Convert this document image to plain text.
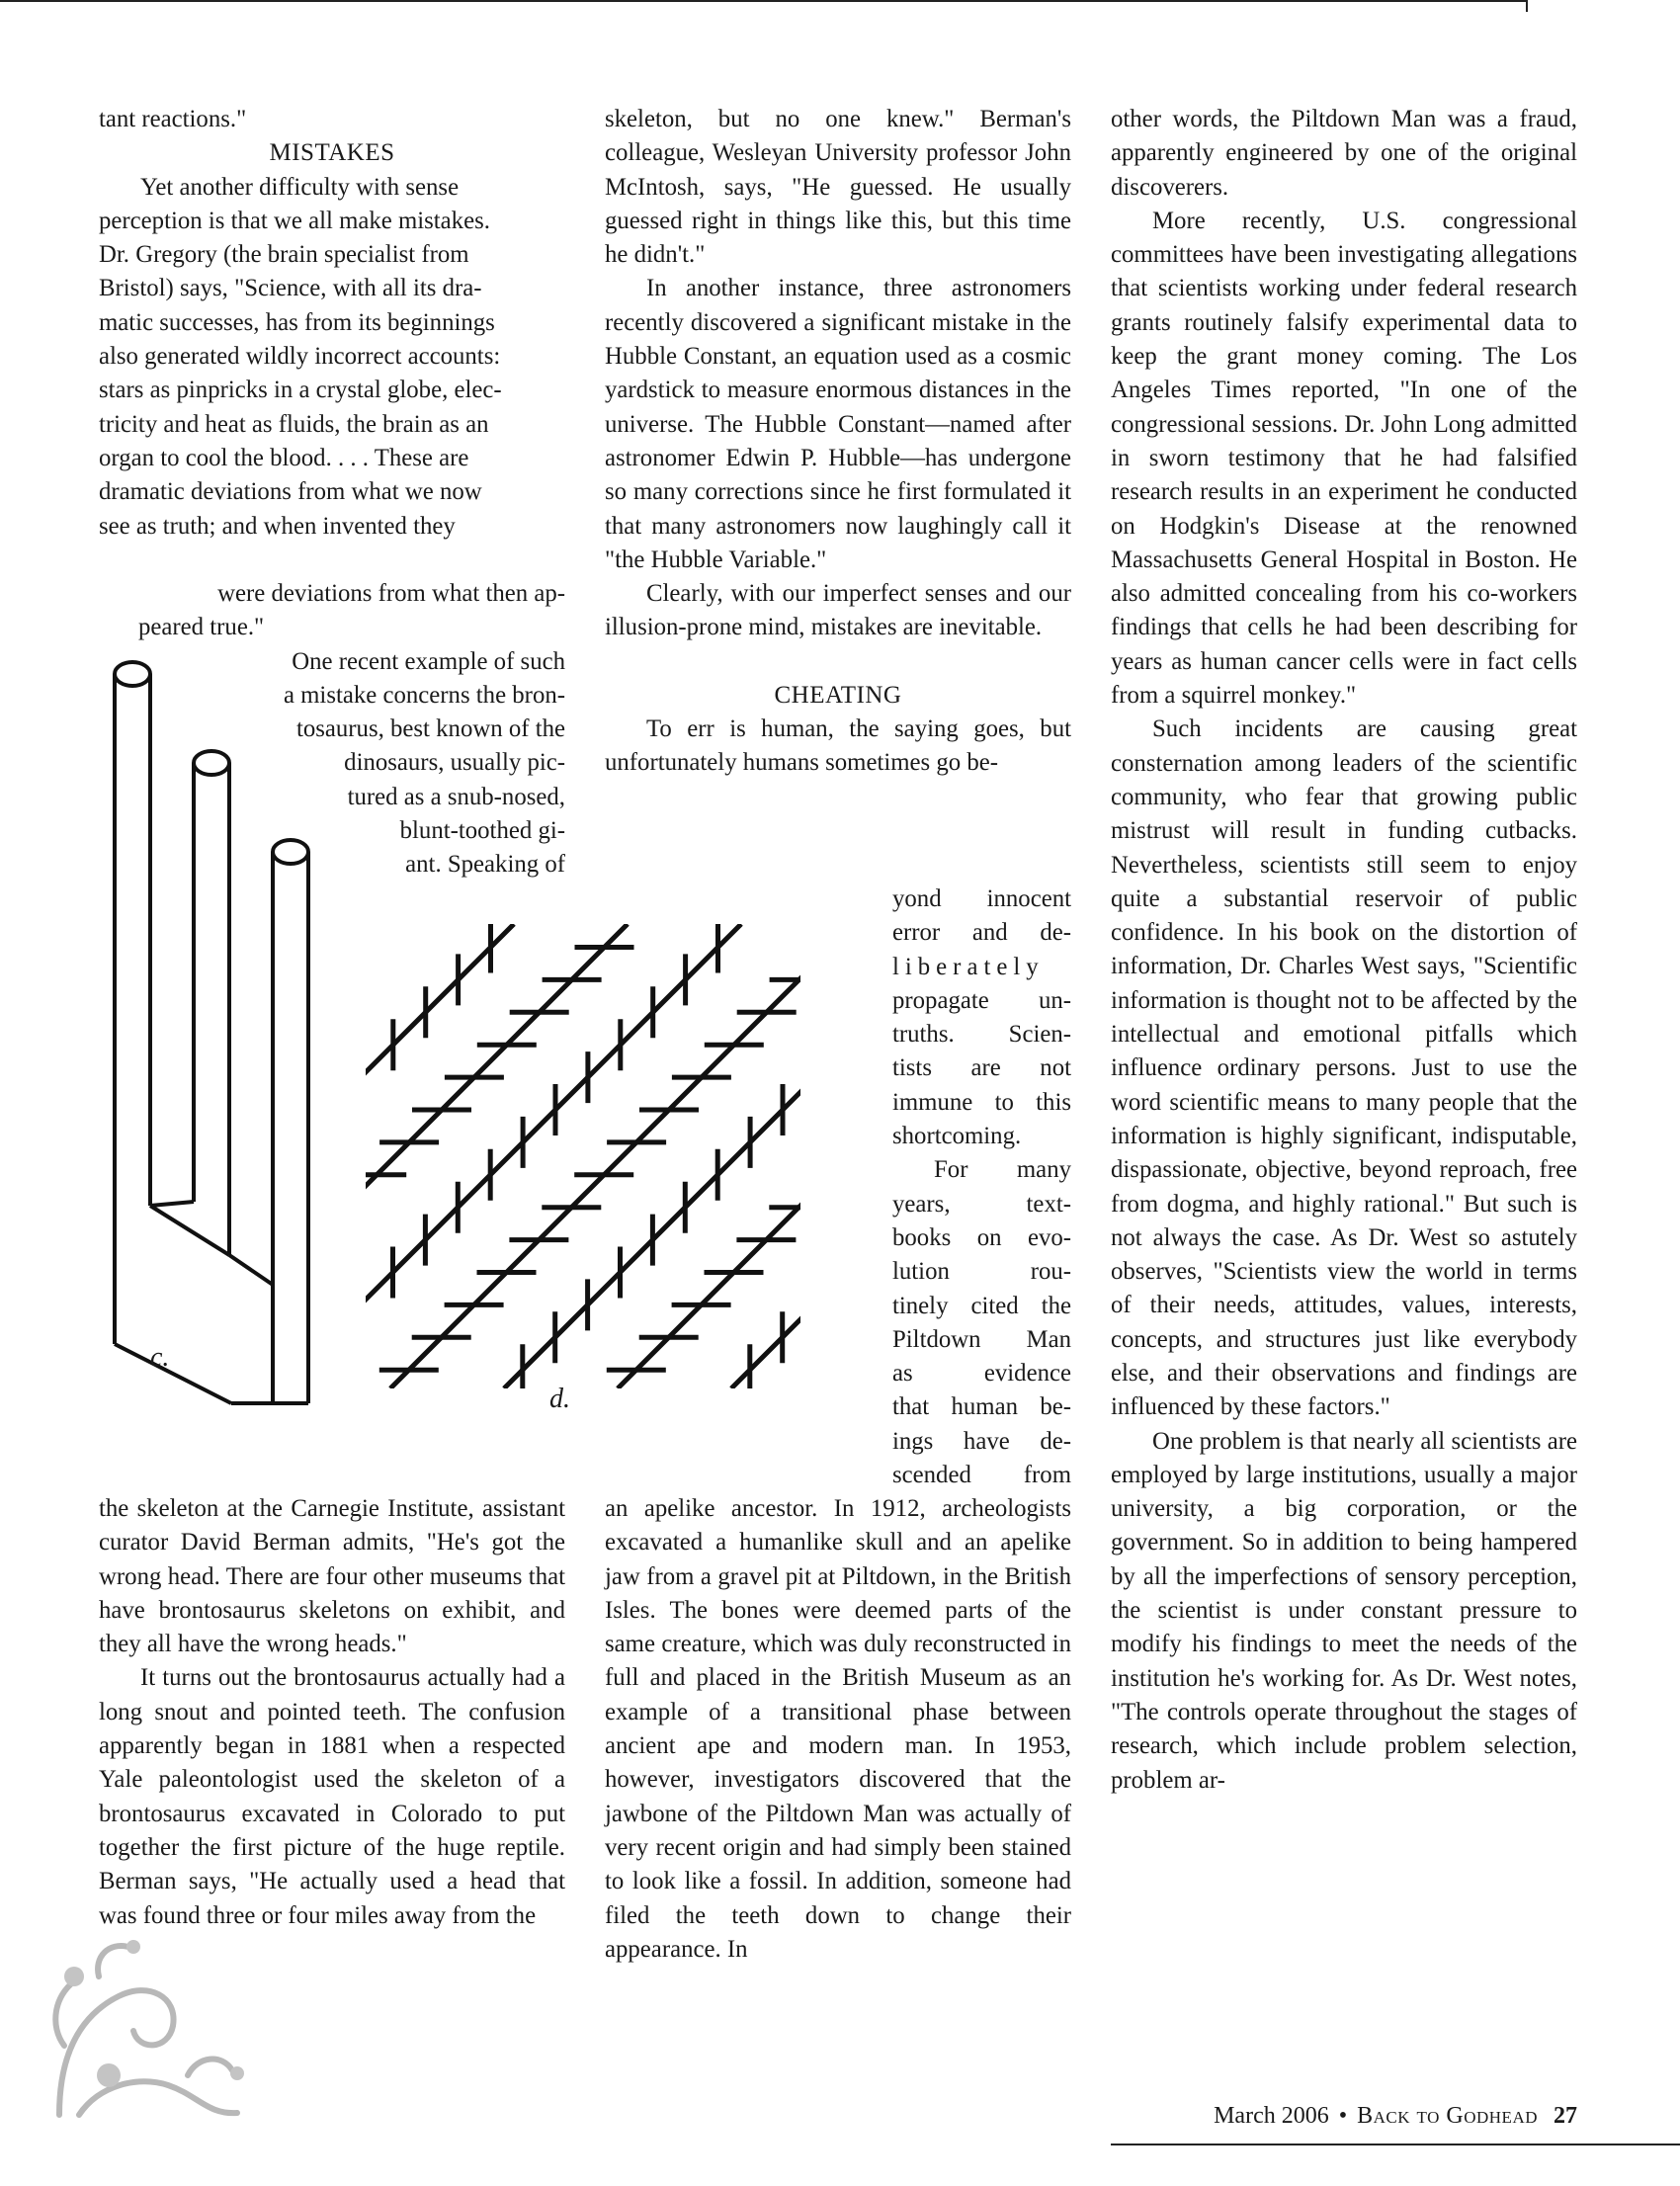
tant reactions."

MISTAKES
Yet another difficulty with sense
perception is that we all make mistakes.
Dr. Gregory (the brain specialist from
Bristol) says, "Science, with all its dra-
matic successes, has from its beginnings
also generated wildly incorrect accounts:
stars as pinpricks in a crystal globe, elec-
tricity and heat as fluids, the brain as an
organ to cool the blood. . . . These are
dramatic deviations from what we now
see as truth; and when invented they
were deviations from what then ap-
peared true."
One recent example of such
a mistake concerns the bron-
tosaurus, best known of the
dinosaurs, usually pic-
tured as a snub-nosed,
blunt-toothed gi-
ant. Speaking of
c.
d.
the skeleton at the Carnegie Institute, assistant curator David Berman admits, "He's got the wrong head. There are four other museums that have brontosaurus skeletons on exhibit, and they all have the wrong heads."
It turns out the brontosaurus actually had a long snout and pointed teeth. The confusion apparently began in 1881 when a respected Yale paleontologist used the skeleton of a brontosaurus excavated in Colorado to put together the first picture of the huge reptile. Berman says, "He actually used a head that was found three or four miles away from the

skeleton, but no one knew." Berman's colleague, Wesleyan University professor John McIntosh, says, "He guessed. He usually guessed right in things like this, but this time he didn't."

In another instance, three astronomers recently discovered a significant mistake in the Hubble Constant, an equation used as a cosmic yardstick to measure enormous distances in the universe. The Hubble Constant—named after astronomer Edwin P. Hubble—has undergone so many corrections since he first formulated it that many astronomers now laughingly call it "the Hubble Variable."

Clearly, with our imperfect senses and our illusion-prone mind, mistakes are inevitable.

CHEATING

To err is human, the saying goes, but unfortunately humans sometimes go be-

yond innocent
error and de-
liberately
propagate un-
truths. Scien-
tists are not
immune to this
shortcoming.
For many
years, text-
books on evo-
lution rou-
tinely cited the
Piltdown Man
as evidence
that human be-
ings have de-
scended from
an apelike ancestor. In 1912, archeologists excavated a humanlike skull and an apelike jaw from a gravel pit at Piltdown, in the British Isles. The bones were deemed parts of the same creature, which was duly reconstructed in full and placed in the British Museum as an example of a transitional phase between ancient ape and modern man. In 1953, however, investigators discovered that the jawbone of the Piltdown Man was actually of very recent origin and had simply been stained to look like a fossil. In addition, someone had filed the teeth down to change their appearance. In

other words, the Piltdown Man was a fraud, apparently engineered by one of the original discoverers.

More recently, U.S. congressional committees have been investigating allegations that scientists working under federal research grants routinely falsify experimental data to keep the grant money coming. The Los Angeles Times reported, "In one of the congressional sessions. Dr. John Long admitted in sworn testimony that he had falsified research results in an experiment he conducted on Hodgkin's Disease at the renowned Massachusetts General Hospital in Boston. He also admitted concealing from his co-workers findings that cells he had been describing for years as human cancer cells were in fact cells from a squirrel monkey."

Such incidents are causing great consternation among leaders of the scientific community, who fear that growing public mistrust will result in funding cutbacks. Nevertheless, scientists still seem to enjoy quite a substantial reservoir of public confidence. In his book on the distortion of information, Dr. Charles West says, "Scientific information is thought not to be affected by the intellectual and emotional pitfalls which influence ordinary persons. Just to use the word scientific means to many people that the information is highly significant, indisputable, dispassionate, objective, beyond reproach, free from dogma, and highly rational." But such is not always the case. As Dr. West so astutely observes, "Scientists view the world in terms of their needs, attitudes, values, interests, concepts, and structures just like everybody else, and their observations and findings are influenced by these factors."

One problem is that nearly all scientists are employed by large institutions, usually a major university, a big corporation, or the government. So in addition to being hampered by all the imperfections of sensory perception, the scientist is under constant pressure to modify his findings to meet the needs of the institution he's working for. As Dr. West notes, "The controls operate throughout the stages of research, which include problem selection, problem ar-

March 2006 • Back to Godhead 27
